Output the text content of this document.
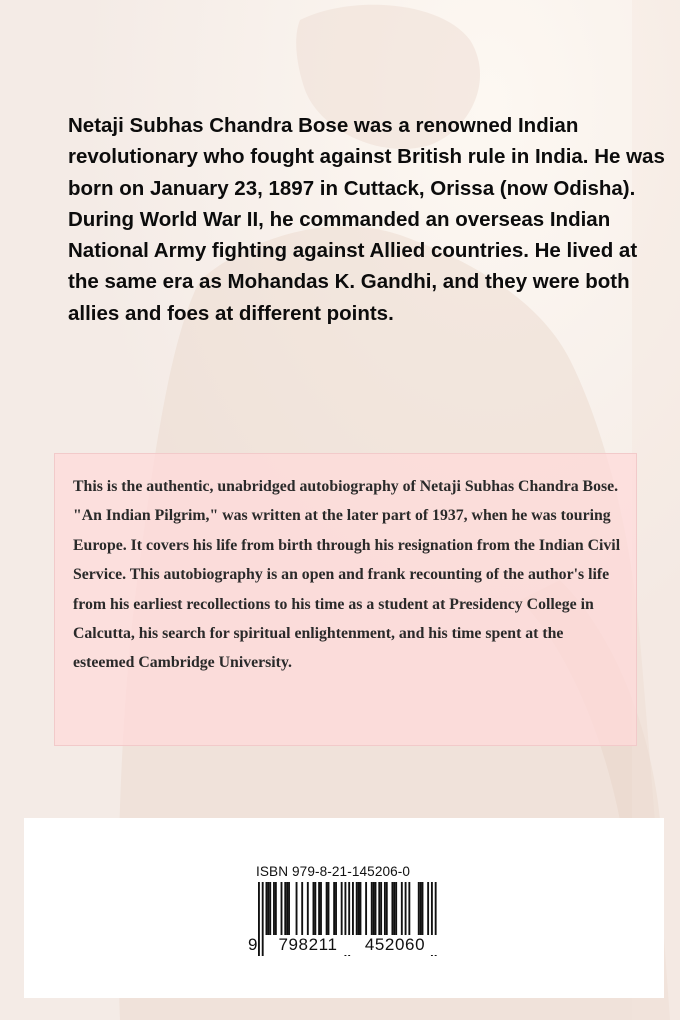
Netaji Subhas Chandra Bose was a renowned Indian revolutionary who fought against British rule in India. He was born on January 23, 1897 in Cuttack, Orissa (now Odisha). During World War II, he commanded an overseas Indian National Army fighting against Allied countries. He lived at the same era as Mohandas K. Gandhi, and they were both allies and foes at different points.

This is the authentic, unabridged autobiography of Netaji Subhas Chandra Bose. "An Indian Pilgrim," was written at the later part of 1937, when he was touring Europe. It covers his life from birth through his resignation from the Indian Civil Service. This autobiography is an open and frank recounting of the author's life from his earliest recollections to his time as a student at Presidency College in Calcutta, his search for spiritual enlightenment, and his time spent at the esteemed Cambridge University.

ISBN 979-8-21-145206-0

9	798211	452060
